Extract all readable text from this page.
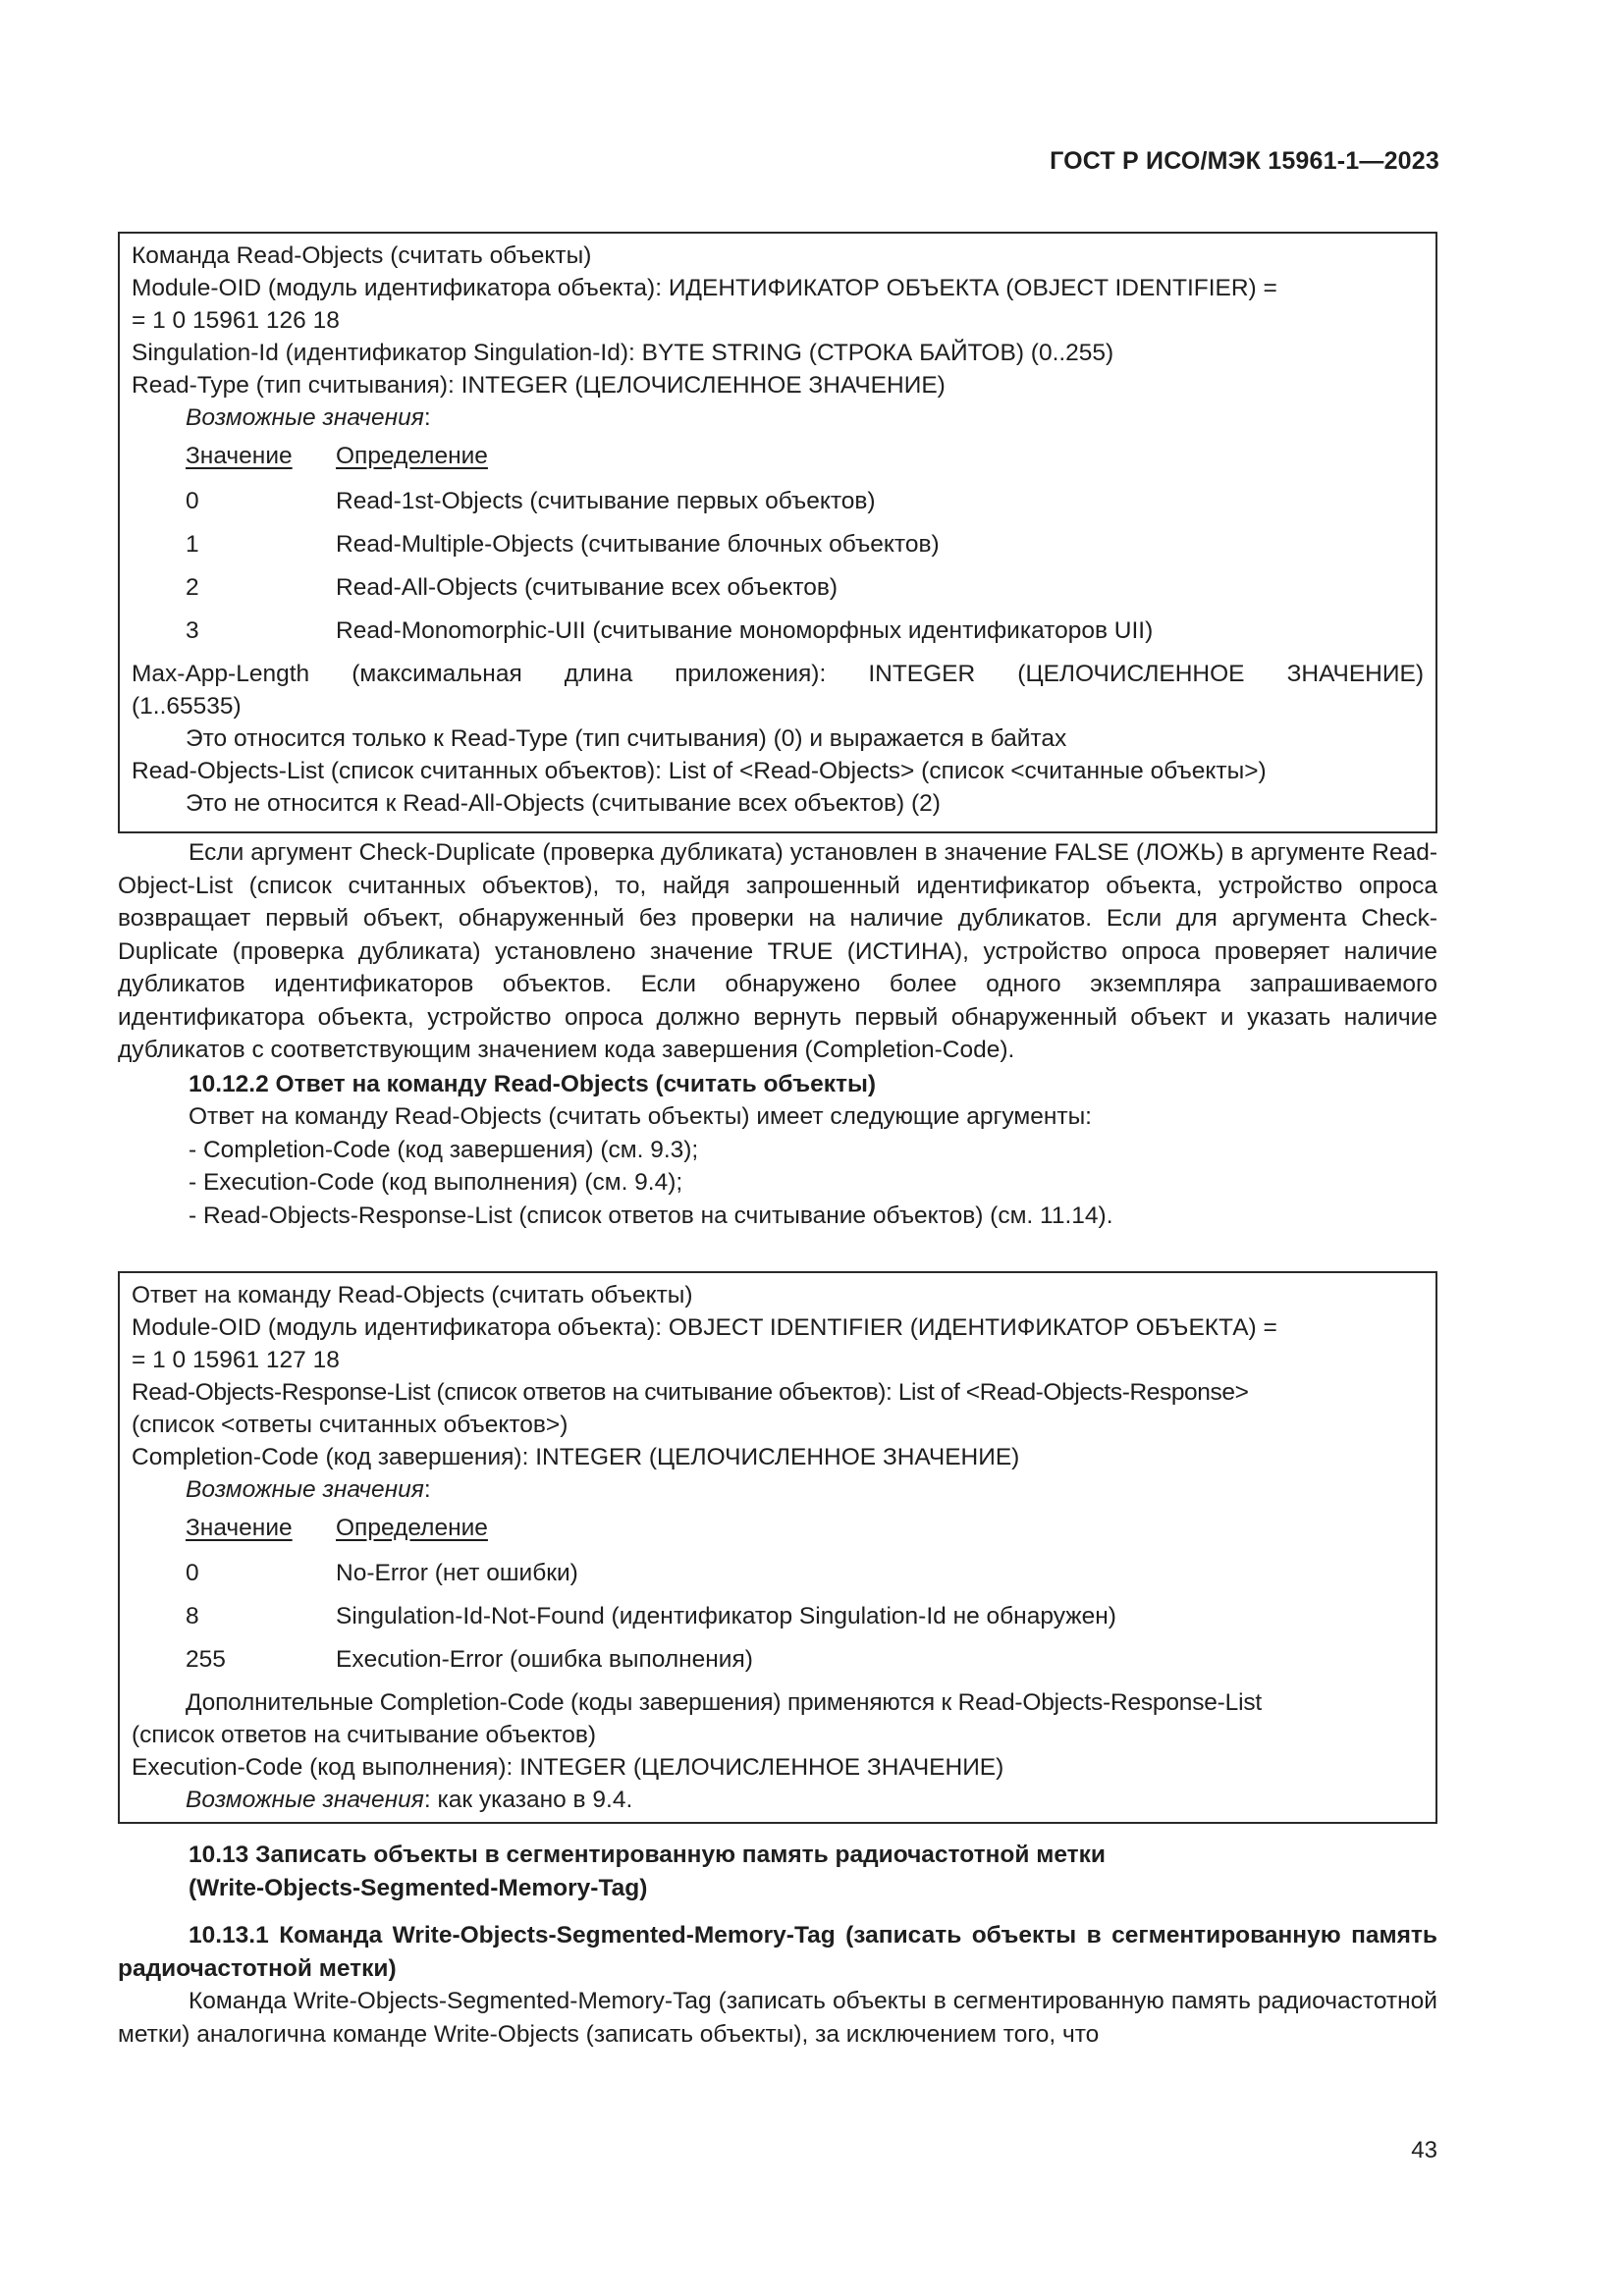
ГОСТ Р ИСО/МЭК 15961-1—2023
Команда Read-Objects (считать объекты)
Module-OID (модуль идентификатора объекта): ИДЕНТИФИКАТОР ОБЪЕКТА (OBJECT IDENTIFIER) =
= 1 0 15961 126 18
Singulation-Id (идентификатор Singulation-Id): BYTE STRING (СТРОКА БАЙТОВ) (0..255)
Read-Type (тип считывания): INTEGER (ЦЕЛОЧИСЛЕННОЕ ЗНАЧЕНИЕ)
Возможные значения:
Значение	Определение
0	Read-1st-Objects (считывание первых объектов)
1	Read-Multiple-Objects (считывание блочных объектов)
2	Read-All-Objects (считывание всех объектов)
3	Read-Monomorphic-UII (считывание мономорфных идентификаторов UII)
Max-App-Length (максимальная длина приложения): INTEGER (ЦЕЛОЧИСЛЕННОЕ ЗНАЧЕНИЕ)
(1..65535)
Это относится только к Read-Type (тип считывания) (0) и выражается в байтах
Read-Objects-List (список считанных объектов): List of <Read-Objects> (список <считанные объекты>)
Это не относится к Read-All-Objects (считывание всех объектов) (2)
Если аргумент Check-Duplicate (проверка дубликата) установлен в значение FALSE (ЛОЖЬ) в аргументе Read-Object-List (список считанных объектов), то, найдя запрошенный идентификатор объекта, устройство опроса возвращает первый объект, обнаруженный без проверки на наличие дубликатов. Если для аргумента Check-Duplicate (проверка дубликата) установлено значение TRUE (ИСТИНА), устройство опроса проверяет наличие дубликатов идентификаторов объектов. Если обнаружено более одного экземпляра запрашиваемого идентификатора объекта, устройство опроса должно вернуть первый обнаруженный объект и указать наличие дубликатов с соответствующим значением кода завершения (Completion-Code).
10.12.2 Ответ на команду Read-Objects (считать объекты)
Ответ на команду Read-Objects (считать объекты) имеет следующие аргументы:
- Completion-Code (код завершения) (см. 9.3);
- Execution-Code (код выполнения) (см. 9.4);
- Read-Objects-Response-List (список ответов на считывание объектов) (см. 11.14).
Ответ на команду Read-Objects (считать объекты)
Module-OID (модуль идентификатора объекта): OBJECT IDENTIFIER (ИДЕНТИФИКАТОР ОБЪЕКТА) =
= 1 0 15961 127 18
Read-Objects-Response-List (список ответов на считывание объектов): List of <Read-Objects-Response>
(список <ответы считанных объектов>)
Completion-Code (код завершения): INTEGER (ЦЕЛОЧИСЛЕННОЕ ЗНАЧЕНИЕ)
Возможные значения:
Значение	Определение
0	No-Error (нет ошибки)
8	Singulation-Id-Not-Found (идентификатор Singulation-Id не обнаружен)
255	Execution-Error (ошибка выполнения)
Дополнительные Completion-Code (коды завершения) применяются к Read-Objects-Response-List
(список ответов на считывание объектов)
Execution-Code (код выполнения): INTEGER (ЦЕЛОЧИСЛЕННОЕ ЗНАЧЕНИЕ)
Возможные значения: как указано в 9.4.
10.13 Записать объекты в сегментированную память радиочастотной метки
(Write-Objects-Segmented-Memory-Tag)
10.13.1 Команда Write-Objects-Segmented-Memory-Tag (записать объекты в сегментированную память радиочастотной метки)
Команда Write-Objects-Segmented-Memory-Tag (записать объекты в сегментированную память радиочастотной метки) аналогична команде Write-Objects (записать объекты), за исключением того, что
43
